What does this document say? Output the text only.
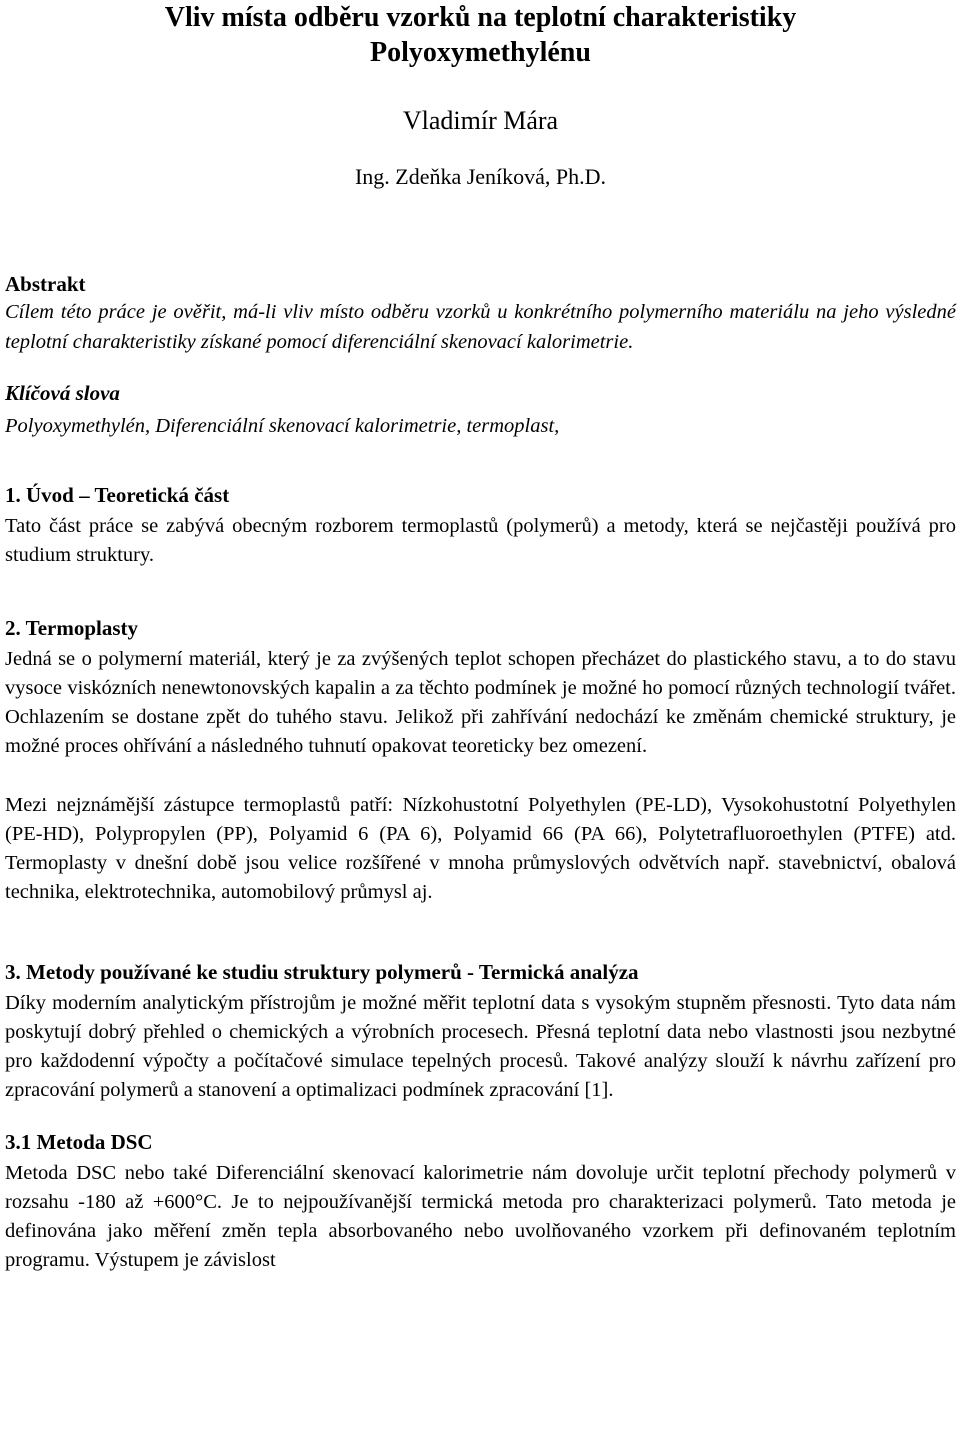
Vliv místa odběru vzorků na teplotní charakteristiky
Polyoxymethylénu
Vladimír Mára
Ing. Zdeňka Jeníková, Ph.D.
Abstrakt
Cílem této práce je ověřit, má-li vliv místo odběru vzorků u konkrétního polymerního materiálu na jeho výsledné teplotní charakteristiky získané pomocí diferenciální skenovací kalorimetrie.
Klíčová slova
Polyoxymethylén, Diferenciální skenovací kalorimetrie, termoplast,
1. Úvod – Teoretická část

Tato část práce se zabývá obecným rozborem termoplastů (polymerů) a metody, která se nejčastěji používá pro studium struktury.

2. Termoplasty

Jedná se o polymerní materiál, který je za zvýšených teplot schopen přecházet do plastického stavu, a to do stavu vysoce viskózních nenewtonovských kapalin a za těchto podmínek je možné ho pomocí různých technologií tvářet. Ochlazením se dostane zpět do tuhého stavu. Jelikož při zahřívání nedochází ke změnám chemické struktury, je možné proces ohřívání a následného tuhnutí opakovat teoreticky bez omezení.

Mezi nejznámější zástupce termoplastů patří: Nízkohustotní Polyethylen (PE-LD), Vysokohustotní Polyethylen (PE-HD), Polypropylen (PP), Polyamid 6 (PA 6), Polyamid 66 (PA 66), Polytetrafluoroethylen (PTFE) atd. Termoplasty v dnešní době jsou velice rozšířené v mnoha průmyslových odvětvích např. stavebnictví, obalová technika, elektrotechnika, automobilový průmysl aj.

3. Metody používané ke studiu struktury polymerů - Termická analýza

Díky moderním analytickým přístrojům je možné měřit teplotní data s vysokým stupněm přesnosti. Tyto data nám poskytují dobrý přehled o chemických a výrobních procesech. Přesná teplotní data nebo vlastnosti jsou nezbytné pro každodenní výpočty a počítačové simulace tepelných procesů. Takové analýzy slouží k návrhu zařízení pro zpracování polymerů a stanovení a optimalizaci podmínek zpracování [1].

3.1 Metoda DSC

Metoda DSC nebo také Diferenciální skenovací kalorimetrie nám dovoluje určit teplotní přechody polymerů v rozsahu -180 až +600°C. Je to nejpoužívanější termická metoda pro charakterizaci polymerů. Tato metoda je definována jako měření změn tepla absorbovaného nebo uvolňovaného vzorkem při definovaném teplotním programu. Výstupem je závislost
